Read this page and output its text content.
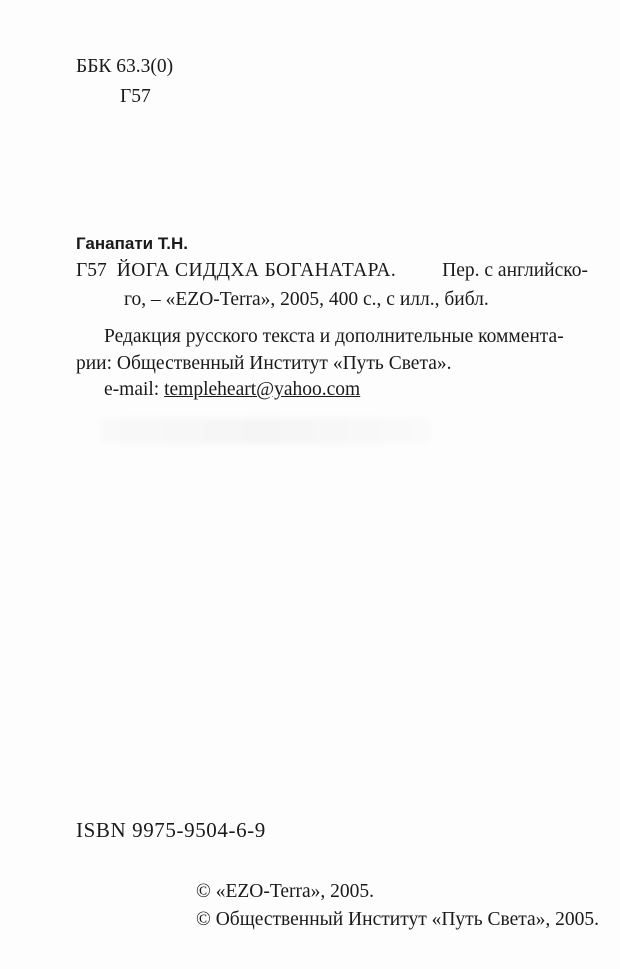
ББК 63.3(0)
Г57
Ганапати Т.Н.
Г57 ЙОГА СИДДХА БОГАНАТАРА. Пер. с английско-
го, – «EZO-Terra», 2005, 400 с., с илл., библ.
Редакция русского текста и дополнительные коммента-
рии: Общественный Институт «Путь Света».
e-mail: templeheart@yahoo.com
ISBN 9975-9504-6-9
© «EZO-Terra», 2005.
© Общественный Институт «Путь Света», 2005.
